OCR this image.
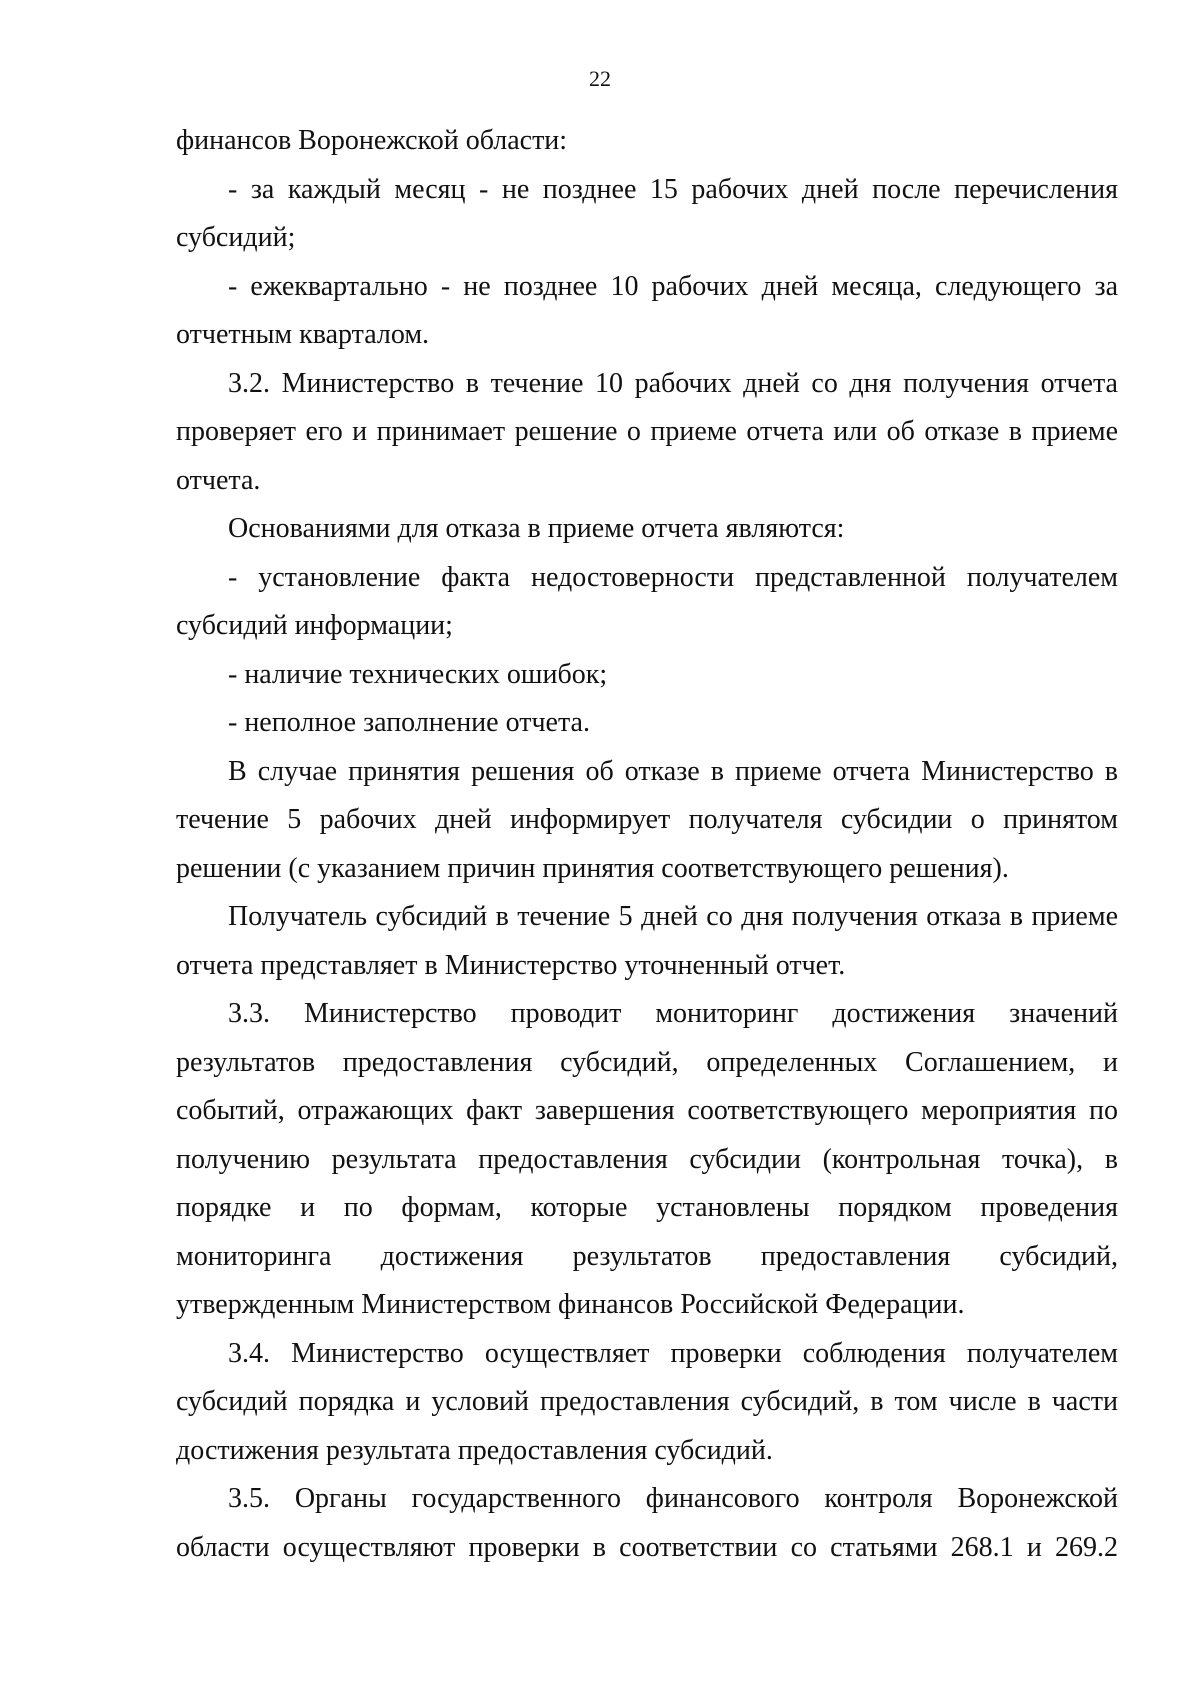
22

финансов Воронежской области:

- за каждый месяц - не позднее 15 рабочих дней после перечисления субсидий;

- ежеквартально - не позднее 10 рабочих дней месяца, следующего за отчетным кварталом.

3.2. Министерство в течение 10 рабочих дней со дня получения отчета проверяет его и принимает решение о приеме отчета или об отказе в приеме отчета.

Основаниями для отказа в приеме отчета являются:

- установление факта недостоверности представленной получателем субсидий информации;

- наличие технических ошибок;

- неполное заполнение отчета.

В случае принятия решения об отказе в приеме отчета Министерство в течение 5 рабочих дней информирует получателя субсидии о принятом решении (с указанием причин принятия соответствующего решения).

Получатель субсидий в течение 5 дней со дня получения отказа в приеме отчета представляет в Министерство уточненный отчет.

3.3. Министерство проводит мониторинг достижения значений результатов предоставления субсидий, определенных Соглашением, и событий, отражающих факт завершения соответствующего мероприятия по получению результата предоставления субсидии (контрольная точка), в порядке и по формам, которые установлены порядком проведения мониторинга достижения результатов предоставления субсидий, утвержденным Министерством финансов Российской Федерации.

3.4. Министерство осуществляет проверки соблюдения получателем субсидий порядка и условий предоставления субсидий, в том числе в части достижения результата предоставления субсидий.

3.5. Органы государственного финансового контроля Воронежской области осуществляют проверки в соответствии со статьями 268.1 и 269.2
